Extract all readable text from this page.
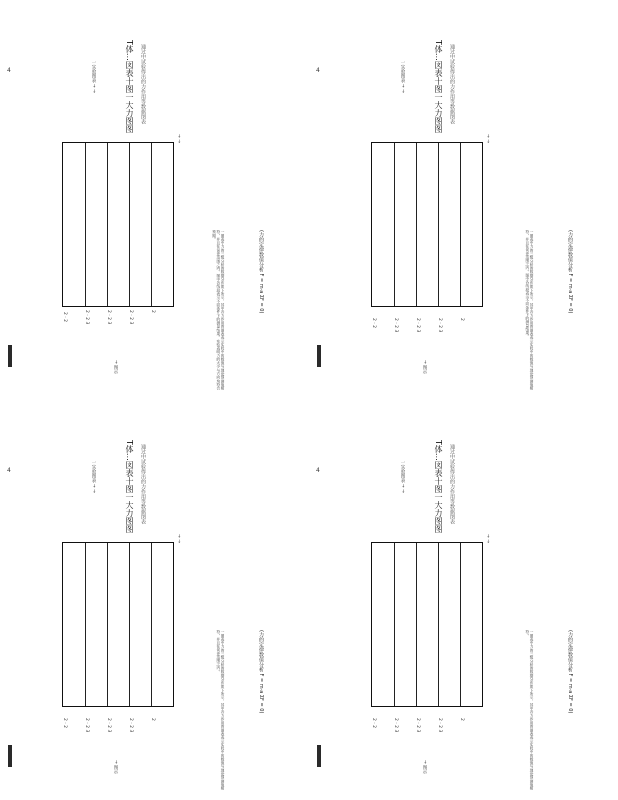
4
→ 图示
2 · 2	2 · 2 3	2 · 2 3	2 · 2 3	2
→ →
T体…図表十图一大力图图 通过中试验得出的力作用等数据图表
一实验图表 → →
一图表中力的三级分析的数据分布如下所示，其中各力作用的图表表示实验中的数值与理论预测值相符，并且在误差范围之内。图中各线段表示不同条件下的测量结果。实验表明力的大小与方向均符合预期。	(力的定律数值分析 F = m·a ΣF = 0)
4
→ 图示
2 · 2	2 · 2 3	2 · 2 3	2 · 2 3	2
→ →
T体…図表十图一大力图图 通过中试验得出的力作用等数据图表
一实验图表 → →
一图表中力的三级分析的数据分布如下所示，其中各力作用的图表表示实验中的数值与理论预测值相符，并且在误差范围之内。图中各线段表示不同条件下的测量结果。	(力的定律数值分析 F = m·a ΣF = 0)
4
→ 图示
2 · 2	2 · 2 3	2 · 2 3	2 · 2 3	2
→ →
T体…図表十图一大力图图 通过中试验得出的力作用等数据图表
一实验图表 → →
一图表中力的三级分析的数据分布如下所示，其中各力作用的图表表示实验中的数值与理论预测值相符，并且在误差范围之内。	(力的定律数值分析 F = m·a ΣF = 0)
4
→ 图示
2 · 2	2 · 2 3	2 · 2 3	2 · 2 3	2
→ →
T体…図表十图一大力图图 通过中试验得出的力作用等数据图表
一实验图表 → →
一图表中力的三级分析的数据分布如下所示，其中各力作用的图表表示实验中的数值与理论预测值相符。	(力的定律数值分析 F = m·a ΣF = 0)
